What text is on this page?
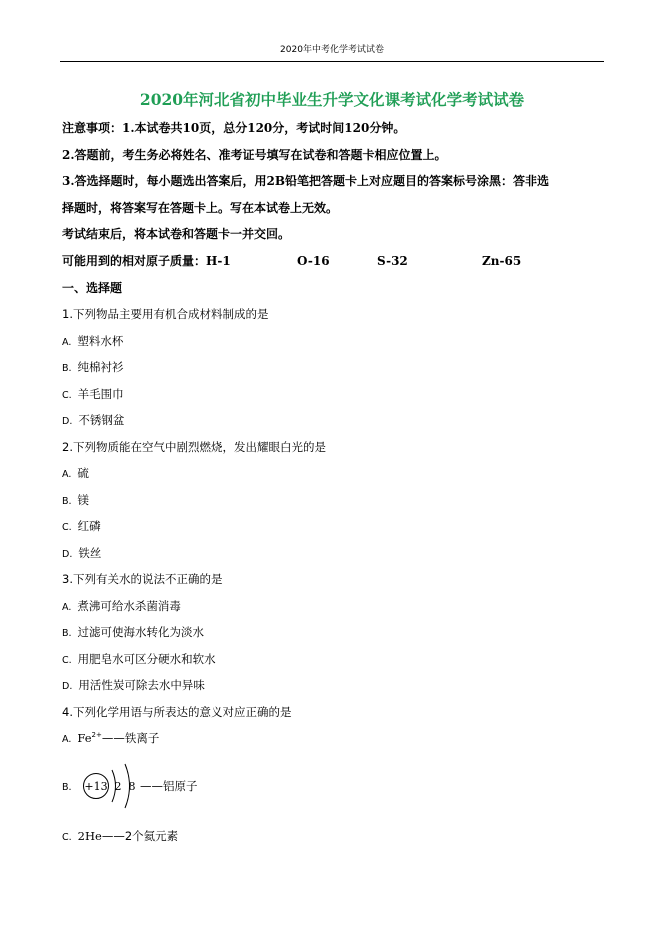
2020年中考化学考试试卷
2020年河北省初中毕业生升学文化课考试化学考试试卷
注意事项：1.本试卷共10页，总分120分，考试时间120分钟。
2.答题前，考生务必将姓名、准考证号填写在试卷和答题卡相应位置上。
3.答选择题时，每小题选出答案后，用2B铅笔把答题卡上对应题目的答案标号涂黑：答非选
择题时，将答案写在答题卡上。写在本试卷上无效。
考试结束后，将本试卷和答题卡一并交回。
可能用到的相对原子质量：H-1	O-16	S-32	Zn-65
一、选择题
1.下列物品主要用有机合成材料制成的是
A. 塑料水杯
B. 纯棉衬衫
C. 羊毛围巾
D. 不锈钢盆
2.下列物质能在空气中剧烈燃烧，发出耀眼白光的是
A. 硫
B. 镁
C. 红磷
D. 铁丝
3.下列有关水的说法不正确的是
A. 煮沸可给水杀菌消毒
B. 过滤可使海水转化为淡水
C. 用肥皂水可区分硬水和软水
D. 用活性炭可除去水中异味
4.下列化学用语与所表达的意义对应正确的是
A. $Fe^{2+}——$铁离子
B.	+13 2 8 ——铝原子
C. 2He——2个氦元素
